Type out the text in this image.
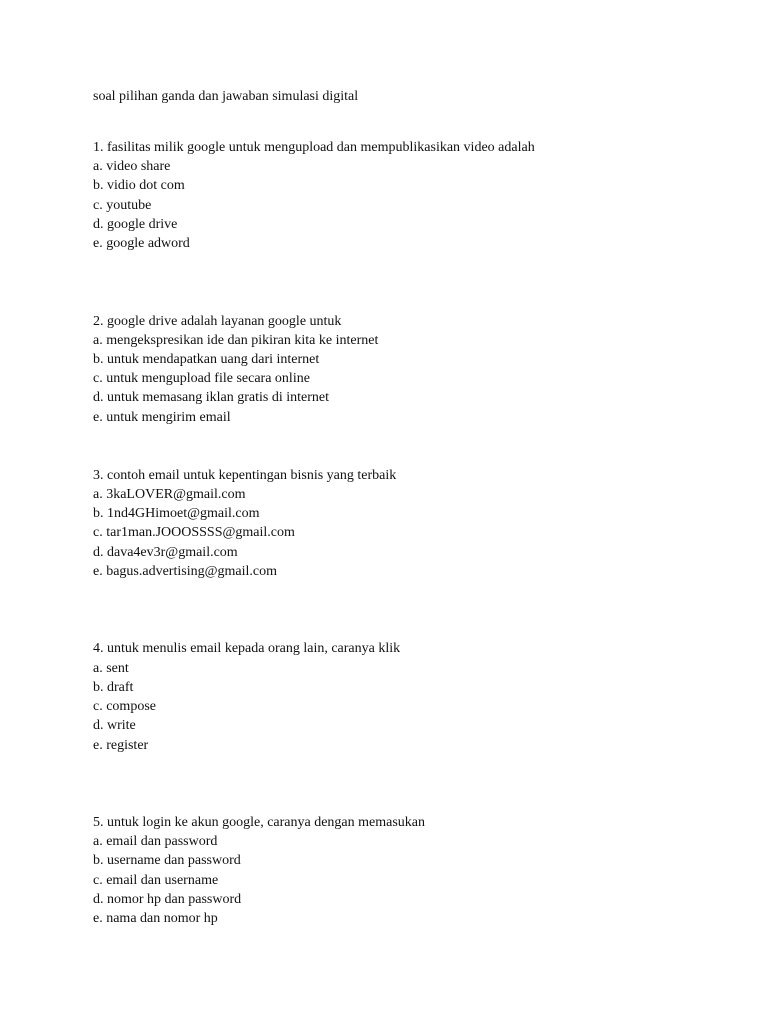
soal pilihan ganda dan jawaban simulasi digital
1. fasilitas milik google untuk mengupload dan mempublikasikan video adalah
a. video share
b. vidio dot com
c. youtube
d. google drive
e. google adword
2. google drive adalah layanan google untuk
a. mengekspresikan ide dan pikiran kita ke internet
b. untuk mendapatkan uang dari internet
c. untuk mengupload file secara online
d. untuk memasang iklan gratis di internet
e. untuk mengirim email
3. contoh email untuk kepentingan bisnis yang terbaik
a. 3kaLOVER@gmail.com
b. 1nd4GHimoet@gmail.com
c. tar1man.JOOOSSSS@gmail.com
d. dava4ev3r@gmail.com
e. bagus.advertising@gmail.com
4. untuk menulis email kepada orang lain, caranya klik
a. sent
b. draft
c. compose
d. write
e. register
5. untuk login ke akun google, caranya dengan memasukan
a. email dan password
b. username dan password
c. email dan username
d. nomor hp dan password
e. nama dan nomor hp
